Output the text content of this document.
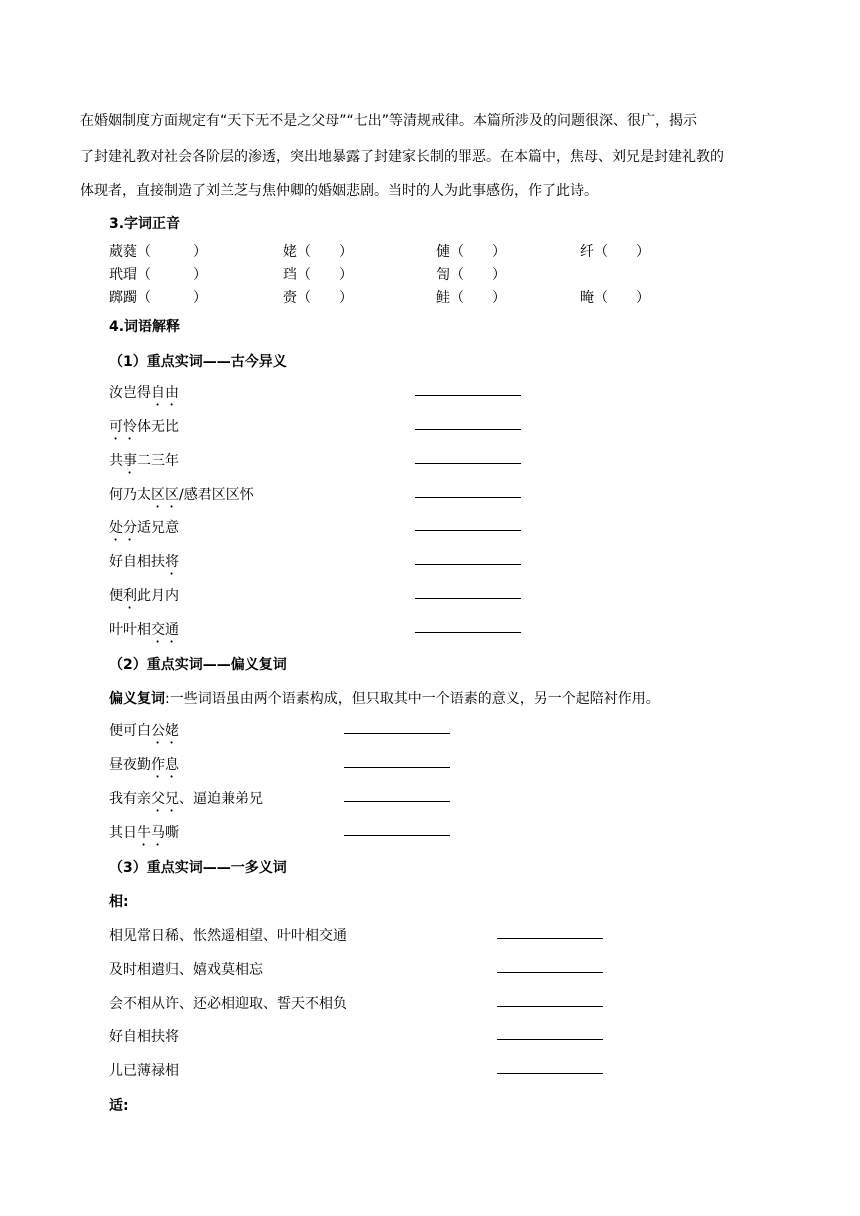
在婚姻制度方面规定有“天下无不是之父母”“七出”等清规戒律。本篇所涉及的问题很深、很广，揭示
了封建礼教对社会各阶层的渗透，突出地暴露了封建家长制的罪恶。在本篇中，焦母、刘兄是封建礼教的
体现者，直接制造了刘兰芝与焦仲卿的婚姻悲剧。当时的人为此事感伤，作了此诗。
3.字词正音
葳蕤（　　　）	姥（　　）	僆（　　）	纤（　　）
玳瑁（　　　）	珰（　　）	訇（　　）
踯躅（　　　）	赍（　　）	鲑（　　）	晻（　　）
4.词语解释
（1）重点实词——古今异义
汝岂得自由
可怜体无比
共事二三年
何乃太区区/感君区区怀
处分适兄意
好自相扶将
便利此月内
叶叶相交通
（2）重点实词——偏义复词
偏义复词:一些词语虽由两个语素构成，但只取其中一个语素的意义，另一个起陪衬作用。
便可白公姥
昼夜勤作息
我有亲父兄、逼迫兼弟兄
其日牛马嘶
（3）重点实词——一多义词
相:
相见常日稀、怅然遥相望、叶叶相交通
及时相遣归、嬉戏莫相忘
会不相从许、还必相迎取、誓天不相负
好自相扶将
儿已薄禄相
适:
